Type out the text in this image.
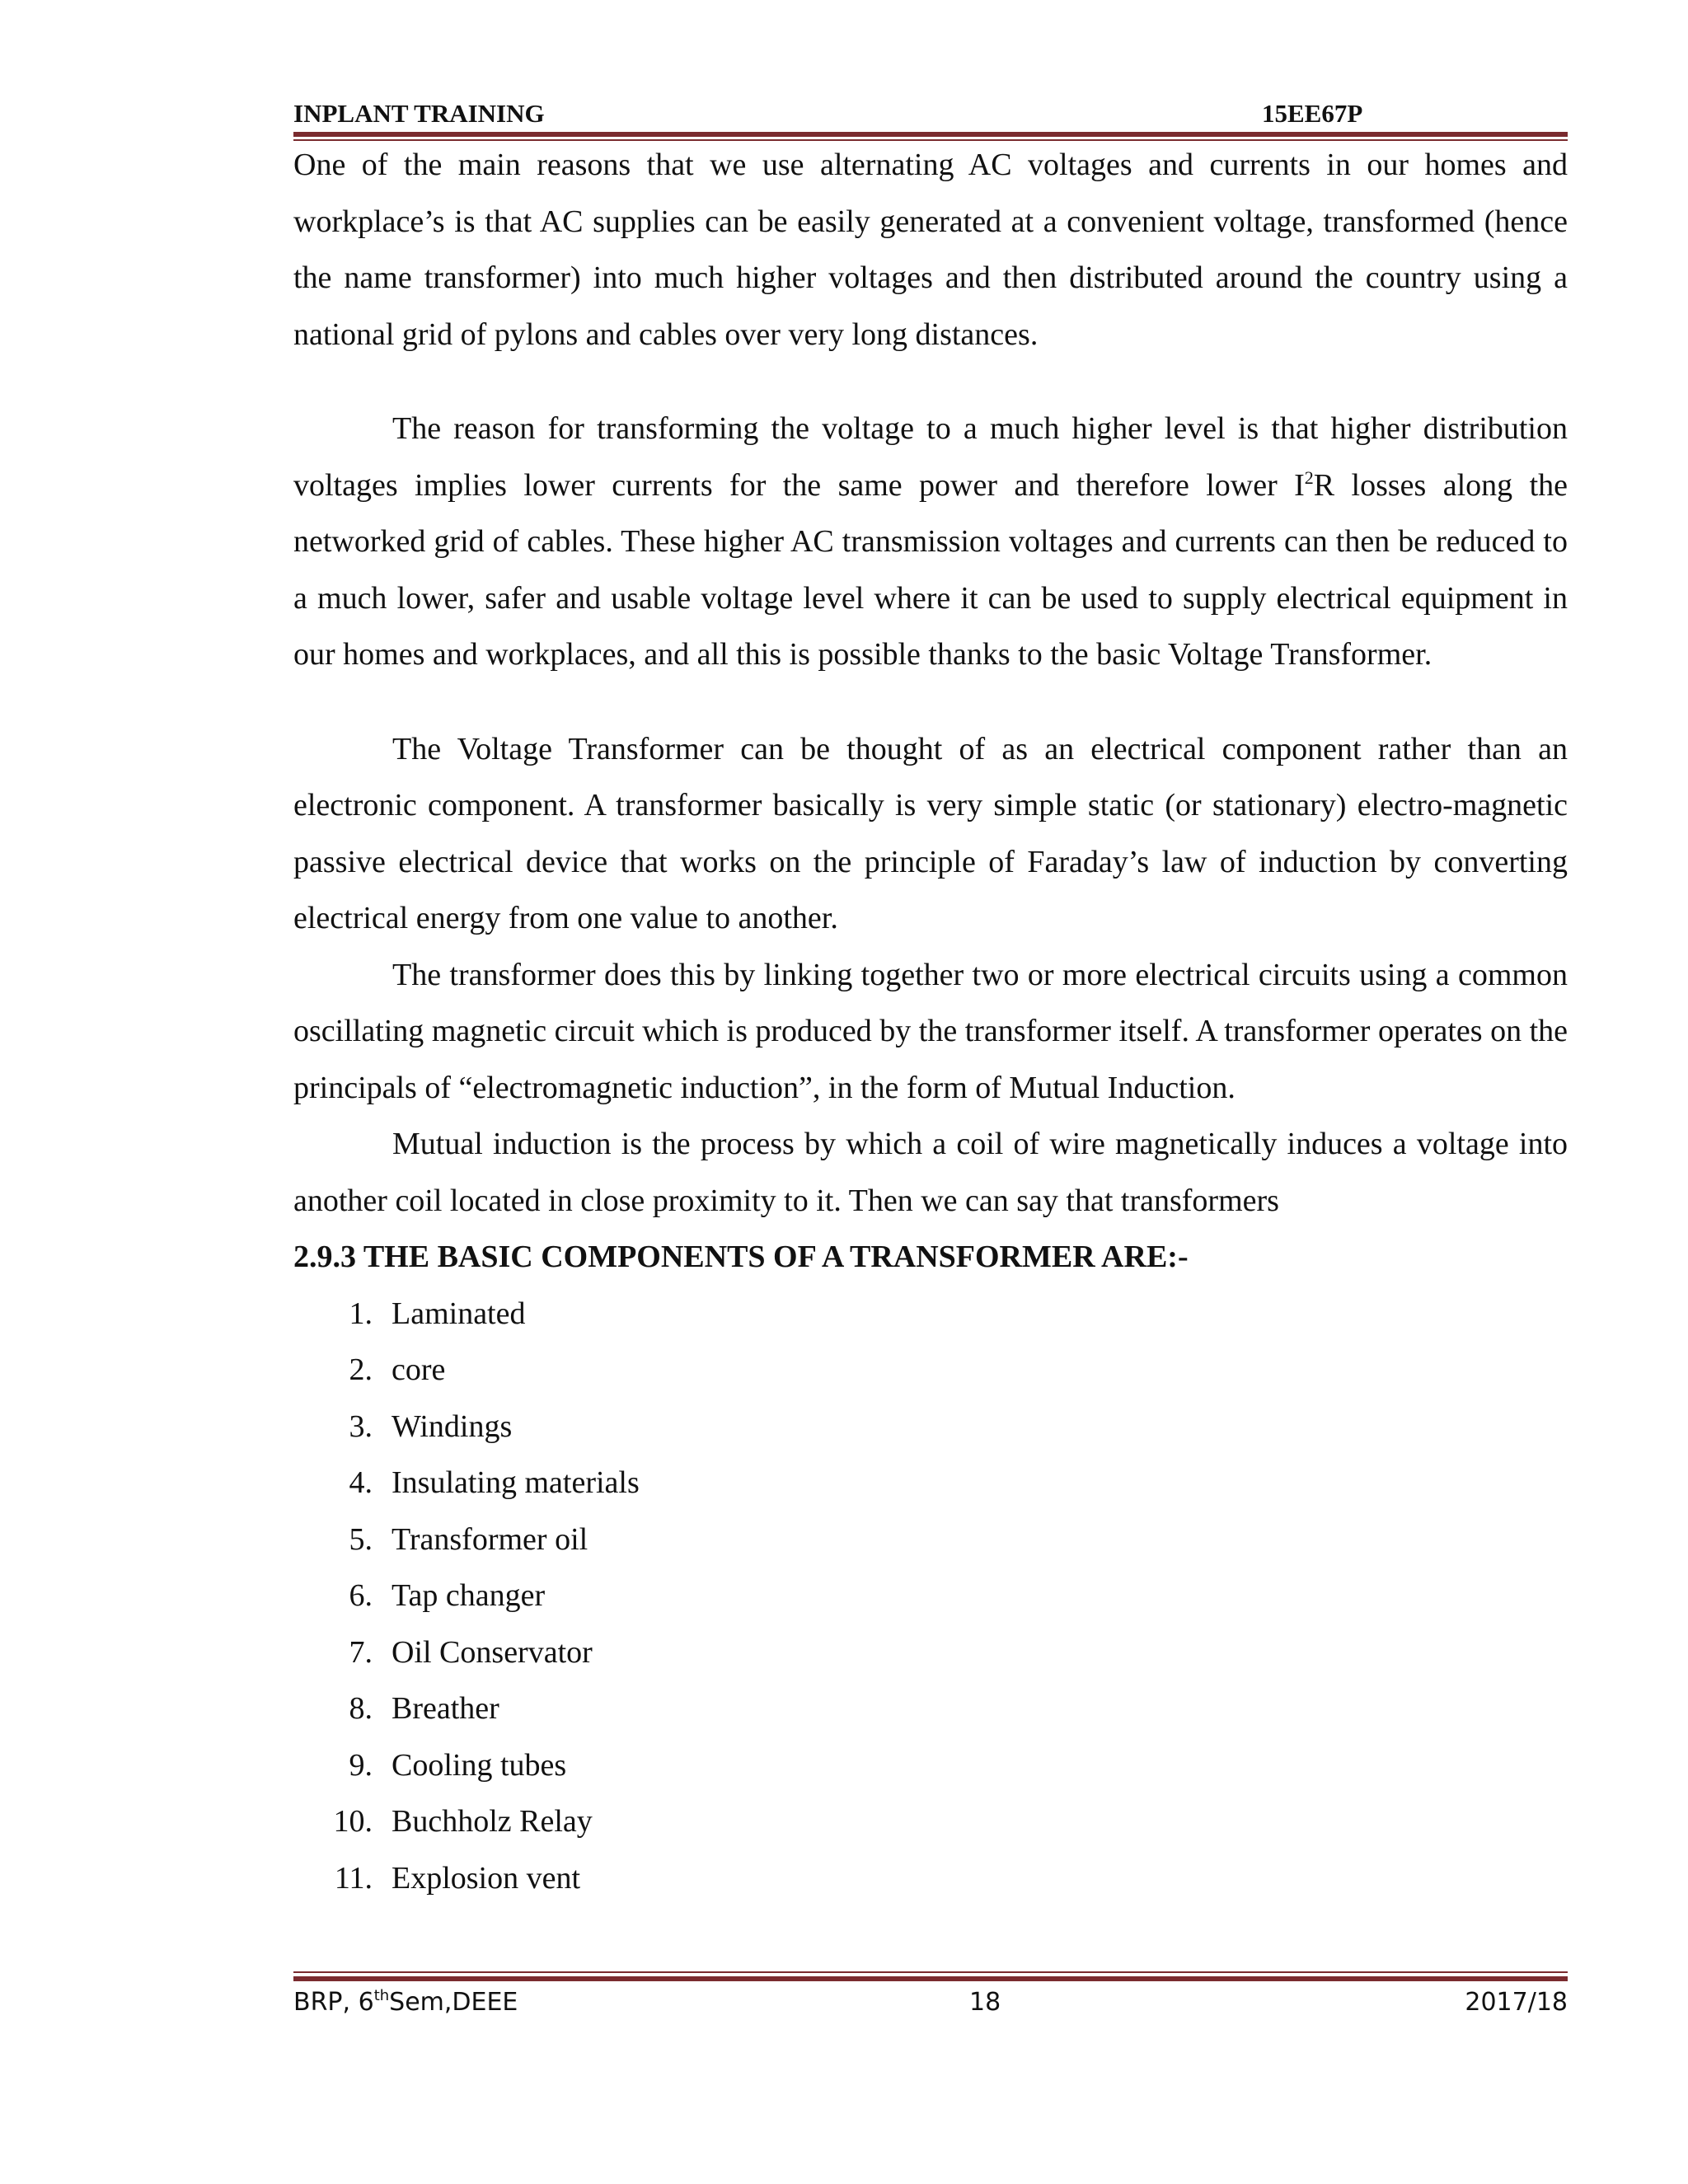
INPLANT TRAINING	15EE67P

One of the main reasons that we use alternating AC voltages and currents in our homes and workplace’s is that AC supplies can be easily generated at a convenient voltage, transformed (hence the name transformer) into much higher voltages and then distributed around the country using a national grid of pylons and cables over very long distances.

The reason for transforming the voltage to a much higher level is that higher distribution voltages implies lower currents for the same power and therefore lower $I^2R$ losses along the networked grid of cables. These higher AC transmission voltages and currents can then be reduced to a much lower, safer and usable voltage level where it can be used to supply electrical equipment in our homes and workplaces, and all this is possible thanks to the basic Voltage Transformer.

The Voltage Transformer can be thought of as an electrical component rather than an electronic component. A transformer basically is very simple static (or stationary) electro-magnetic passive electrical device that works on the principle of Faraday’s law of induction by converting electrical energy from one value to another.

The transformer does this by linking together two or more electrical circuits using a common oscillating magnetic circuit which is produced by the transformer itself. A transformer operates on the principals of “electromagnetic induction”, in the form of Mutual Induction.

Mutual induction is the process by which a coil of wire magnetically induces a voltage into another coil located in close proximity to it. Then we can say that transformers

2.9.3 THE BASIC COMPONENTS OF A TRANSFORMER ARE:-
1. Laminated
2. core
3. Windings
4. Insulating materials
5. Transformer oil
6. Tap changer
7. Oil Conservator
8. Breather
9. Cooling tubes
10. Buchholz Relay
11. Explosion vent
BRP, 6thSem,DEEE	18	2017/18
